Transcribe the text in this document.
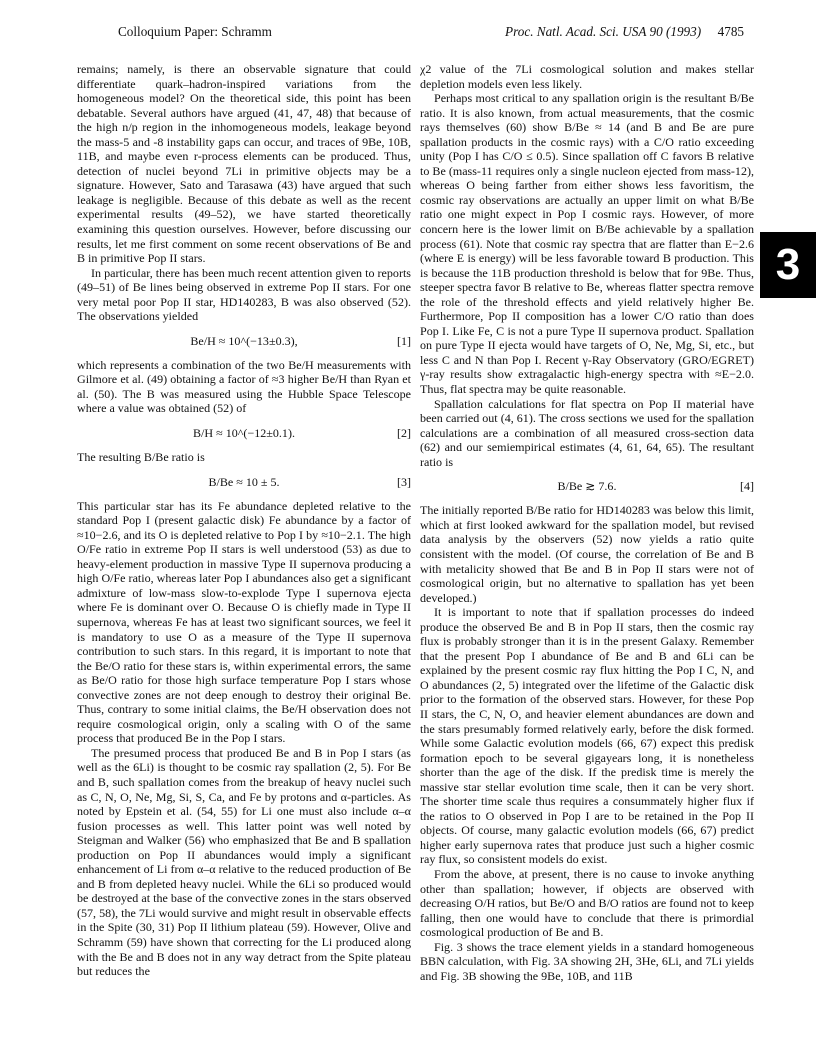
Colloquium Paper: Schramm	Proc. Natl. Acad. Sci. USA 90 (1993) 4785
3

remains; namely, is there an observable signature that could differentiate quark–hadron-inspired variations from the homogeneous model? On the theoretical side, this point has been debatable. Several authors have argued (41, 47, 48) that because of the high n/p region in the inhomogeneous models, leakage beyond the mass-5 and -8 instability gaps can occur, and traces of 9Be, 10B, 11B, and maybe even r-process elements can be produced. Thus, detection of nuclei beyond 7Li in primitive objects may be a signature. However, Sato and Tarasawa (43) have argued that such leakage is negligible. Because of this debate as well as the recent experimental results (49–52), we have started theoretically examining this question ourselves. However, before discussing our results, let me first comment on some recent observations of Be and B in primitive Pop II stars.

In particular, there has been much recent attention given to reports (49–51) of Be lines being observed in extreme Pop II stars. For one very metal poor Pop II star, HD140283, B was also observed (52). The observations yielded

Be/H ≈ 10^(−13±0.3),	[1]

which represents a combination of the two Be/H measurements with Gilmore et al. (49) obtaining a factor of ≈3 higher Be/H than Ryan et al. (50). The B was measured using the Hubble Space Telescope where a value was obtained (52) of

B/H ≈ 10^(−12±0.1).	[2]

The resulting B/Be ratio is

B/Be ≈ 10 ± 5.	[3]

This particular star has its Fe abundance depleted relative to the standard Pop I (present galactic disk) Fe abundance by a factor of ≈10−2.6, and its O is depleted relative to Pop I by ≈10−2.1. The high O/Fe ratio in extreme Pop II stars is well understood (53) as due to heavy-element production in massive Type II supernova producing a high O/Fe ratio, whereas later Pop I abundances also get a significant admixture of low-mass slow-to-explode Type I supernova ejecta where Fe is dominant over O. Because O is chiefly made in Type II supernova, whereas Fe has at least two significant sources, we feel it is mandatory to use O as a measure of the Type II supernova contribution to such stars. In this regard, it is important to note that the Be/O ratio for these stars is, within experimental errors, the same as Be/O ratio for those high surface temperature Pop I stars whose convective zones are not deep enough to destroy their original Be. Thus, contrary to some initial claims, the Be/H observation does not require cosmological origin, only a scaling with O of the same process that produced Be in the Pop I stars.

The presumed process that produced Be and B in Pop I stars (as well as the 6Li) is thought to be cosmic ray spallation (2, 5). For Be and B, such spallation comes from the breakup of heavy nuclei such as C, N, O, Ne, Mg, Si, S, Ca, and Fe by protons and α-particles. As noted by Epstein et al. (54, 55) for Li one must also include α–α fusion processes as well. This latter point was well noted by Steigman and Walker (56) who emphasized that Be and B spallation production on Pop II abundances would imply a significant enhancement of Li from α–α relative to the reduced production of Be and B from depleted heavy nuclei. While the 6Li so produced would be destroyed at the base of the convective zones in the stars observed (57, 58), the 7Li would survive and might result in observable effects in the Spite (30, 31) Pop II lithium plateau (59). However, Olive and Schramm (59) have shown that correcting for the Li produced along with the Be and B does not in any way detract from the Spite plateau but reduces the

χ2 value of the 7Li cosmological solution and makes stellar depletion models even less likely.

Perhaps most critical to any spallation origin is the resultant B/Be ratio. It is also known, from actual measurements, that the cosmic rays themselves (60) show B/Be ≈ 14 (and B and Be are pure spallation products in the cosmic rays) with a C/O ratio exceeding unity (Pop I has C/O ≤ 0.5). Since spallation off C favors B relative to Be (mass-11 requires only a single nucleon ejected from mass-12), whereas O being farther from either shows less favoritism, the cosmic ray observations are actually an upper limit on what B/Be ratio one might expect in Pop I cosmic rays. However, of more concern here is the lower limit on B/Be achievable by a spallation process (61). Note that cosmic ray spectra that are flatter than E−2.6 (where E is energy) will be less favorable toward B production. This is because the 11B production threshold is below that for 9Be. Thus, steeper spectra favor B relative to Be, whereas flatter spectra remove the role of the threshold effects and yield relatively higher Be. Furthermore, Pop II composition has a lower C/O ratio than does Pop I. Like Fe, C is not a pure Type II supernova product. Spallation on pure Type II ejecta would have targets of O, Ne, Mg, Si, etc., but less C and N than Pop I. Recent γ-Ray Observatory (GRO/EGRET) γ-ray results show extragalactic high-energy spectra with ≈E−2.0. Thus, flat spectra may be quite reasonable.

Spallation calculations for flat spectra on Pop II material have been carried out (4, 61). The cross sections we used for the spallation calculations are a combination of all measured cross-section data (62) and our semiempirical estimates (4, 61, 64, 65). The resultant ratio is

B/Be ≳ 7.6.	[4]

The initially reported B/Be ratio for HD140283 was below this limit, which at first looked awkward for the spallation model, but revised data analysis by the observers (52) now yields a ratio quite consistent with the model. (Of course, the correlation of Be and B with metalicity showed that Be and B in Pop II stars were not of cosmological origin, but no alternative to spallation has yet been developed.)

It is important to note that if spallation processes do indeed produce the observed Be and B in Pop II stars, then the cosmic ray flux is probably stronger than it is in the present Galaxy. Remember that the present Pop I abundance of Be and B and 6Li can be explained by the present cosmic ray flux hitting the Pop I C, N, and O abundances (2, 5) integrated over the lifetime of the Galactic disk prior to the formation of the observed stars. However, for these Pop II stars, the C, N, O, and heavier element abundances are down and the stars presumably formed relatively early, before the disk formed. While some Galactic evolution models (66, 67) expect this predisk formation epoch to be several gigayears long, it is nonetheless shorter than the age of the disk. If the predisk time is merely the massive star stellar evolution time scale, then it can be very short. The shorter time scale thus requires a consummately higher flux if the ratios to O observed in Pop I are to be retained in the Pop II objects. Of course, many galactic evolution models (66, 67) predict higher early supernova rates that produce just such a higher cosmic ray flux, so consistent models do exist.

From the above, at present, there is no cause to invoke anything other than spallation; however, if objects are observed with decreasing O/H ratios, but Be/O and B/O ratios are found not to keep falling, then one would have to conclude that there is primordial cosmological production of Be and B.

Fig. 3 shows the trace element yields in a standard homogeneous BBN calculation, with Fig. 3A showing 2H, 3He, 6Li, and 7Li yields and Fig. 3B showing the 9Be, 10B, and 11B
